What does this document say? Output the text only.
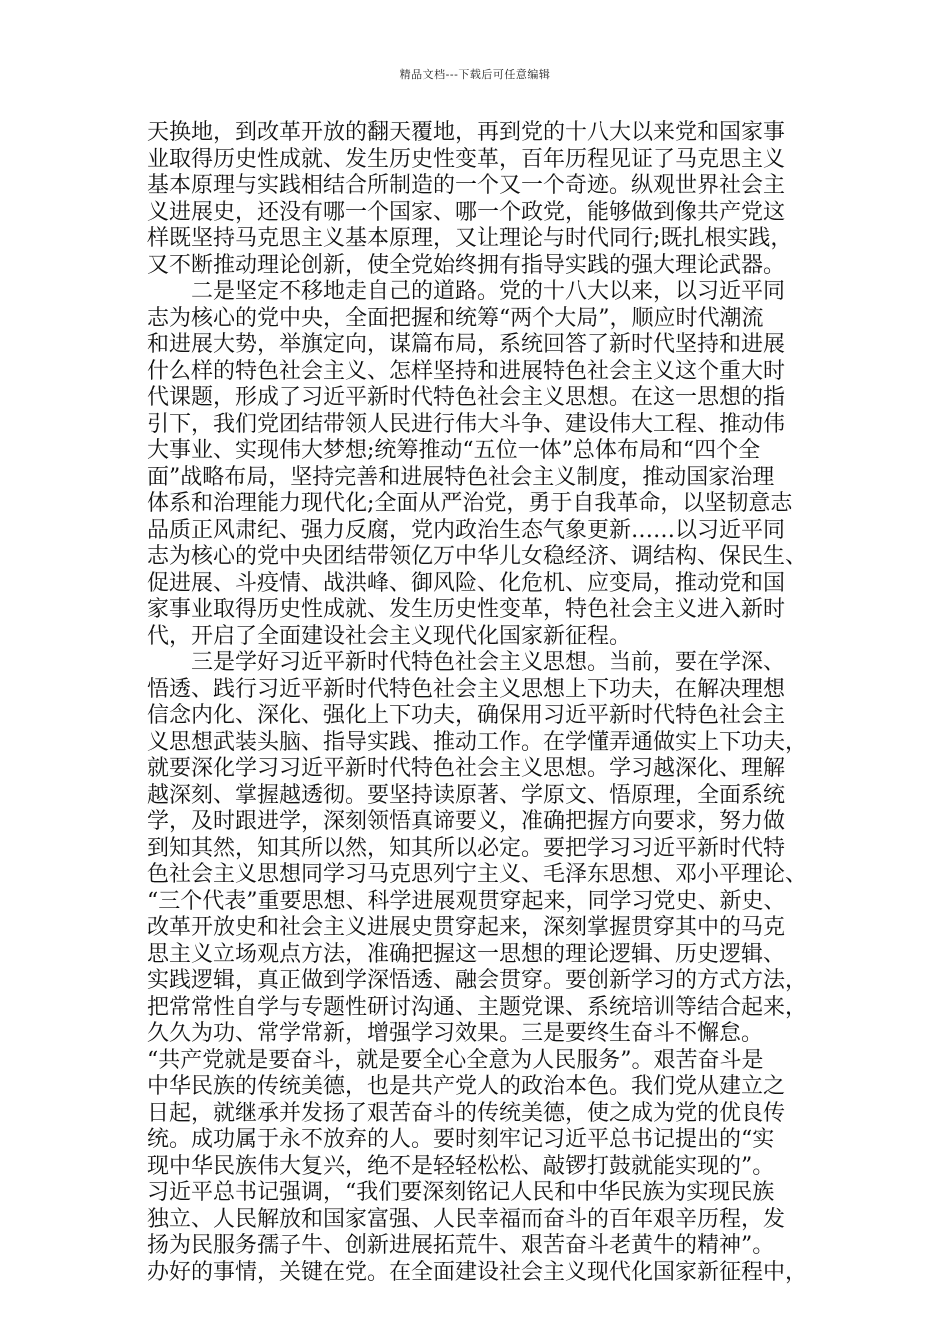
精品文档---下载后可任意编辑
天换地，到改革开放的翻天覆地，再到党的十八大以来党和国家事
业取得历史性成就、发生历史性变革，百年历程见证了马克思主义
基本原理与实践相结合所制造的一个又一个奇迹。纵观世界社会主
义进展史，还没有哪一个国家、哪一个政党，能够做到像共产党这
样既坚持马克思主义基本原理，又让理论与时代同行;既扎根实践，
又不断推动理论创新，使全党始终拥有指导实践的强大理论武器。
二是坚定不移地走自己的道路。党的十八大以来，以习近平同
志为核心的党中央，全面把握和统筹“两个大局”，顺应时代潮流
和进展大势，举旗定向，谋篇布局，系统回答了新时代坚持和进展
什么样的特色社会主义、怎样坚持和进展特色社会主义这个重大时
代课题，形成了习近平新时代特色社会主义思想。在这一思想的指
引下，我们党团结带领人民进行伟大斗争、建设伟大工程、推动伟
大事业、实现伟大梦想;统筹推动“五位一体”总体布局和“四个全
面”战略布局，坚持完善和进展特色社会主义制度，推动国家治理
体系和治理能力现代化;全面从严治党，勇于自我革命，以坚韧意志
品质正风肃纪、强力反腐，党内政治生态气象更新……以习近平同
志为核心的党中央团结带领亿万中华儿女稳经济、调结构、保民生、
促进展、斗疫情、战洪峰、御风险、化危机、应变局，推动党和国
家事业取得历史性成就、发生历史性变革，特色社会主义进入新时
代，开启了全面建设社会主义现代化国家新征程。
三是学好习近平新时代特色社会主义思想。当前，要在学深、
悟透、践行习近平新时代特色社会主义思想上下功夫，在解决理想
信念内化、深化、强化上下功夫，确保用习近平新时代特色社会主
义思想武装头脑、指导实践、推动工作。在学懂弄通做实上下功夫，
就要深化学习习近平新时代特色社会主义思想。学习越深化、理解
越深刻、掌握越透彻。要坚持读原著、学原文、悟原理，全面系统
学，及时跟进学，深刻领悟真谛要义，准确把握方向要求，努力做
到知其然，知其所以然，知其所以必定。要把学习习近平新时代特
色社会主义思想同学习马克思列宁主义、毛泽东思想、邓小平理论、
“三个代表”重要思想、科学进展观贯穿起来，同学习党史、新史、
改革开放史和社会主义进展史贯穿起来，深刻掌握贯穿其中的马克
思主义立场观点方法，准确把握这一思想的理论逻辑、历史逻辑、
实践逻辑，真正做到学深悟透、融会贯穿。要创新学习的方式方法，
把常常性自学与专题性研讨沟通、主题党课、系统培训等结合起来，
久久为功、常学常新，增强学习效果。三是要终生奋斗不懈怠。
“共产党就是要奋斗，就是要全心全意为人民服务”。艰苦奋斗是
中华民族的传统美德，也是共产党人的政治本色。我们党从建立之
日起，就继承并发扬了艰苦奋斗的传统美德，使之成为党的优良传
统。成功属于永不放弃的人。要时刻牢记习近平总书记提出的“实
现中华民族伟大复兴，绝不是轻轻松松、敲锣打鼓就能实现的”。
习近平总书记强调，“我们要深刻铭记人民和中华民族为实现民族
独立、人民解放和国家富强、人民幸福而奋斗的百年艰辛历程，发
扬为民服务孺子牛、创新进展拓荒牛、艰苦奋斗老黄牛的精神”。
办好的事情，关键在党。在全面建设社会主义现代化国家新征程中，
